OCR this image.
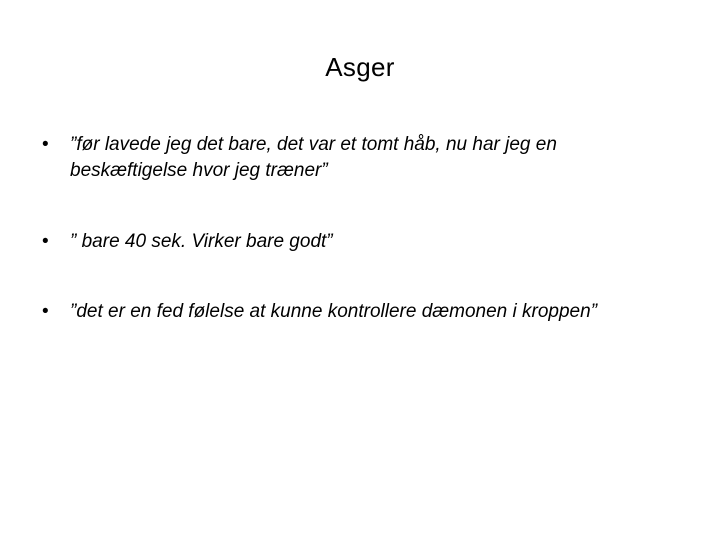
Asger
• ”før lavede jeg det bare, det var et tomt håb, nu har jeg en beskæftigelse hvor jeg træner”
• ” bare 40 sek. Virker bare godt”
• ”det er en fed følelse at kunne kontrollere dæmonen i kroppen”
